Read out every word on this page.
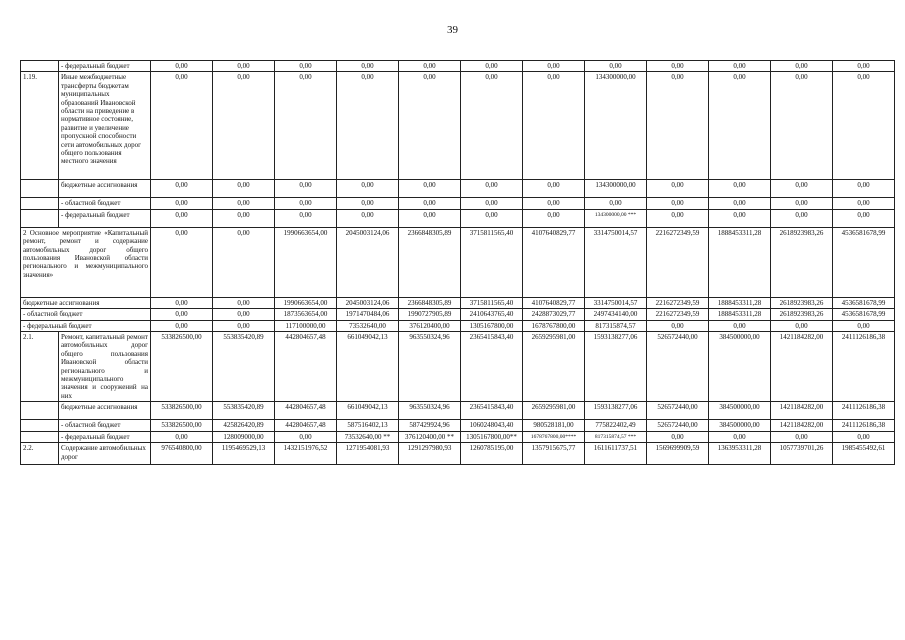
39
	- федеральный бюджет	0,00	0,00	0,00	0,00	0,00	0,00	0,00	0,00	0,00	0,00	0,00	0,00
1.19.	Иные межбюджетные трансферты бюджетам муниципальных образований Ивановской области на приведение в нормативное состояние, развитие и увеличение пропускной способности сети автомобильных дорог общего пользования местного значения	0,00	0,00	0,00	0,00	0,00	0,00	0,00	134300000,00	0,00	0,00	0,00	0,00
	бюджетные ассигнования	0,00	0,00	0,00	0,00	0,00	0,00	0,00	134300000,00	0,00	0,00	0,00	0,00
	- областной бюджет	0,00	0,00	0,00	0,00	0,00	0,00	0,00	0,00	0,00	0,00	0,00	0,00
	- федеральный бюджет	0,00	0,00	0,00	0,00	0,00	0,00	0,00	134300000,00 ***	0,00	0,00	0,00	0,00
2 Основное мероприятие «Капитальный ремонт, ремонт и содержание автомобильных дорог общего пользования Ивановской области регионального и межмуниципального значения»		0,00	0,00	1990663654,00	2045003124,06	2366848305,89	3715811565,40	4107640829,77	3314750014,57	2216272349,59	1888453311,28	2618923983,26	4536581678,99
бюджетные ассигнования		0,00	0,00	1990663654,00	2045003124,06	2366848305,89	3715811565,40	4107640829,77	3314750014,57	2216272349,59	1888453311,28	2618923983,26	4536581678,99
- областной бюджет		0,00	0,00	1873563654,00	1971470484,06	1990727905,89	2410643765,40	2428873029,77	2497434140,00	2216272349,59	1888453311,28	2618923983,26	4536581678,99
- федеральный бюджет		0,00	0,00	117100000,00	73532640,00	376120400,00	1305167800,00	1678767800,00	817315874,57	0,00	0,00	0,00	0,00
2.1.	Ремонт, капитальный ремонт автомобильных дорог общего пользования Ивановской области регионального и межмуниципального значения и сооружений на них	533826500,00	553835420,89	442804657,48	661049042,13	963550324,96	2365415843,40	2659295981,00	1593138277,06	526572440,00	384500000,00	1421184282,00	2411126186,38
	бюджетные ассигнования	533826500,00	553835420,89	442804657,48	661049042,13	963550324,96	2365415843,40	2659295981,00	1593138277,06	526572440,00	384500000,00	1421184282,00	2411126186,38
	- областной бюджет	533826500,00	425826420,89	442804657,48	587516402,13	587429924,96	1060248043,40	980528181,00	775822402,49	526572440,00	384500000,00	1421184282,00	2411126186,38
	- федеральный бюджет	0,00	128009000,00	0,00	73532640,00 **	376120400,00 **	1305167800,00**	1678767800,00****	817315874,57 ***	0,00	0,00	0,00	0,00
2.2.	Содержание автомобильных дорог	976540800,00	1195469529,13	1432151976,52	1271954081,93	1291297980,93	1260785195,00	1357915675,77	1611611737,51	1569699909,59	1363953311,28	1057739701,26	1985455492,61
